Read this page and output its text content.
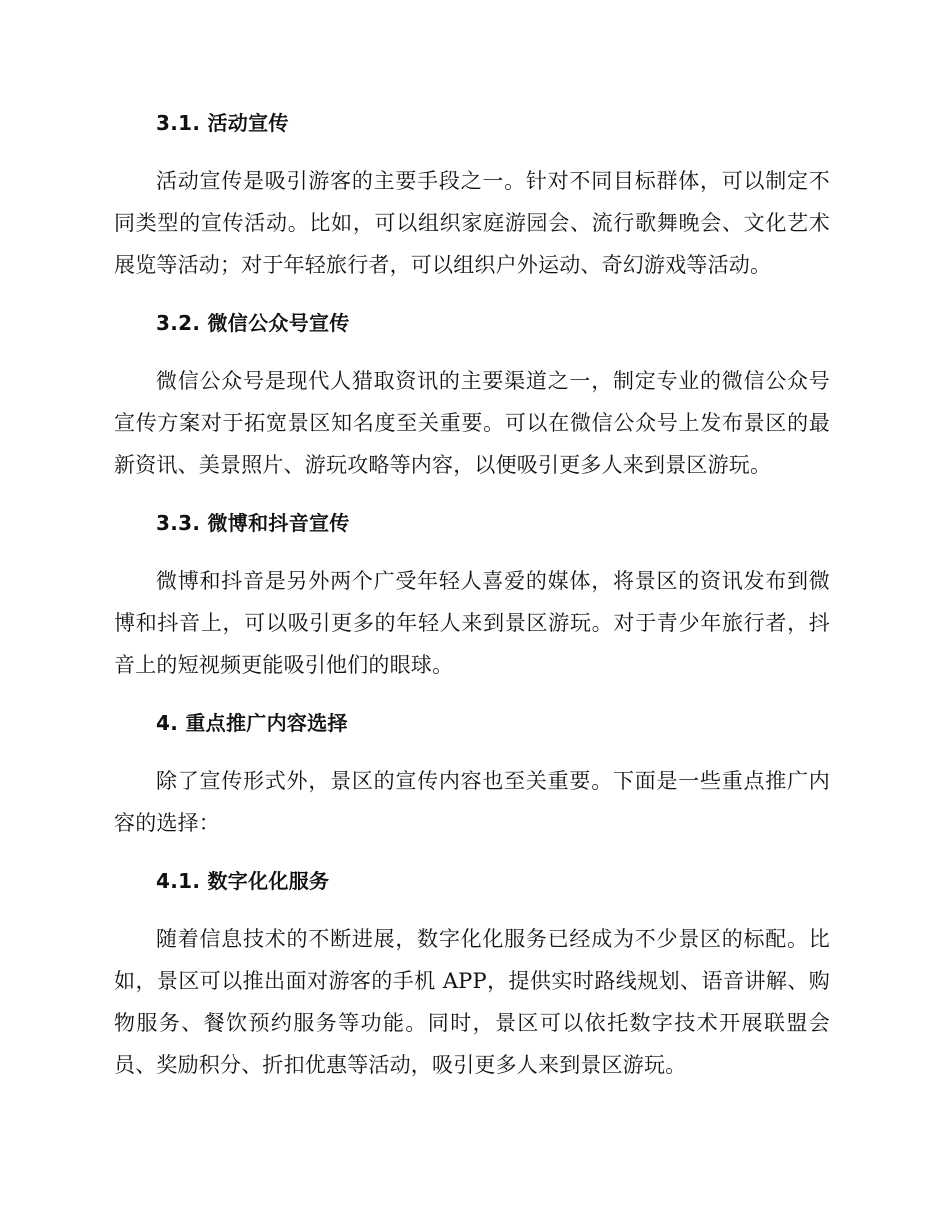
3.1. 活动宣传

活动宣传是吸引游客的主要手段之一。针对不同目标群体，可以制定不同类型的宣传活动。比如，可以组织家庭游园会、流行歌舞晚会、文化艺术展览等活动；对于年轻旅行者，可以组织户外运动、奇幻游戏等活动。

3.2. 微信公众号宣传

微信公众号是现代人猎取资讯的主要渠道之一，制定专业的微信公众号宣传方案对于拓宽景区知名度至关重要。可以在微信公众号上发布景区的最新资讯、美景照片、游玩攻略等内容，以便吸引更多人来到景区游玩。

3.3. 微博和抖音宣传

微博和抖音是另外两个广受年轻人喜爱的媒体，将景区的资讯发布到微博和抖音上，可以吸引更多的年轻人来到景区游玩。对于青少年旅行者，抖音上的短视频更能吸引他们的眼球。

4. 重点推广内容选择

除了宣传形式外，景区的宣传内容也至关重要。下面是一些重点推广内容的选择：

4.1. 数字化化服务

随着信息技术的不断进展，数字化化服务已经成为不少景区的标配。比如，景区可以推出面对游客的手机 APP，提供实时路线规划、语音讲解、购物服务、餐饮预约服务等功能。同时，景区可以依托数字技术开展联盟会员、奖励积分、折扣优惠等活动，吸引更多人来到景区游玩。
